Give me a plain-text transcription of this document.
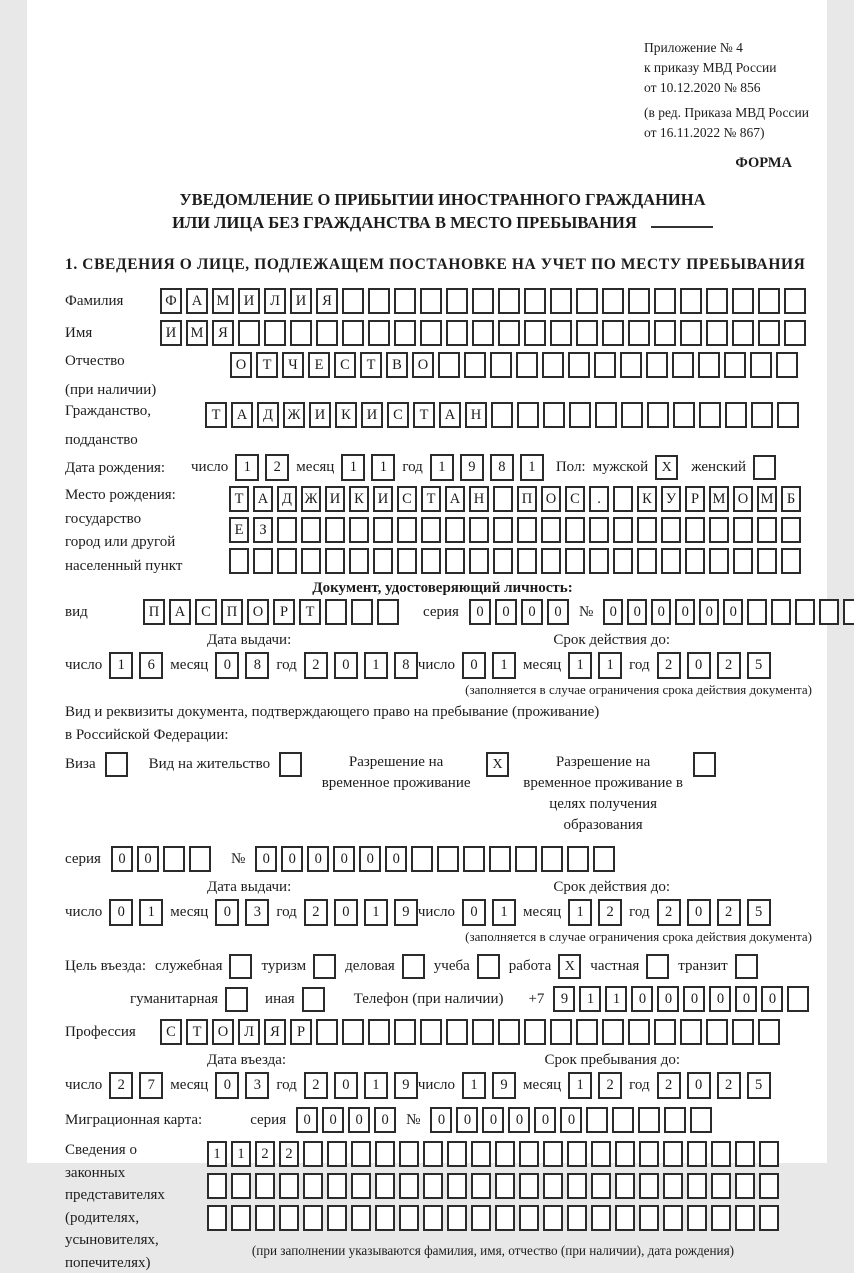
Приложение № 4
к приказу МВД России
от 10.12.2020 № 856
(в ред. Приказа МВД России
от 16.11.2022 № 867)
ФОРМА
УВЕДОМЛЕНИЕ О ПРИБЫТИИ ИНОСТРАННОГО ГРАЖДАНИНА
ИЛИ ЛИЦА БЕЗ ГРАЖДАНСТВА В МЕСТО ПРЕБЫВАНИЯ
1. СВЕДЕНИЯ О ЛИЦЕ, ПОДЛЕЖАЩЕМ ПОСТАНОВКЕ НА УЧЕТ ПО МЕСТУ ПРЕБЫВАНИЯ
Фамилия	Ф	А М И	Л	И	Я
Имя	И М	Я
Отчество
(при наличии)
О	Т	Ч	Е	С	Т	В	О
Гражданство,
подданство
Т	А	Д	Ж И	К	И	С	Т	А	Н
Дата рождения:	число	1	2	месяц	1	1	год	1	9	8	1	Пол: мужской X	женский
Место рождения:
государство
город или другой
населенный пункт
Т А Д Ж И К И С	Т А Н	П О С	.	К У	Р М О М Б
Е	З
Документ, удостоверяющий личность:
вид	П	А	С	П	О	Р	Т	серия	0	0	0	0	№	0	0	0	0	0	0
Дата выдачи:	Срок действия до:
число	1	6	месяц	0	8	год	2	0	1	8 число	0	1	месяц	1	1	год	2	0	2	5
(заполняется в случае ограничения срока действия документа)
Вид и реквизиты документа, подтверждающего право на пребывание (проживание)
в Российской Федерации:
Виза	Вид на жительство	Разрешение на временное проживание
X	Разрешение на временное проживание в целях получения образования
серия	0	0	№	0	0	0	0	0	0
Дата выдачи:	Срок действия до:
число	0	1	месяц	0	3	год	2	0	1	9 число	0	1	месяц	1	2	год	2	0	2	5
(заполняется в случае ограничения срока действия документа)
Цель въезда: служебная	туризм	деловая	учеба	работа X	частная	транзит
гуманитарная	иная	Телефон (при наличии) +7	9	1	1	0	0	0	0	0	0
Профессия	С	Т	О	Л	Я	Р
Дата въезда:	Срок пребывания до:
число	2	7	месяц	0	3	год	2	0	1	9 число	1	9	месяц	1	2	год	2	0	2	5
Миграционная карта:	серия	0	0	0	0	№	0	0	0	0	0	0
Сведения о
законных
представителях
(родителях,
усыновителях,
попечителях)
1	1	2	2
(при заполнении указываются фамилия, имя, отчество (при наличии), дата рождения)
